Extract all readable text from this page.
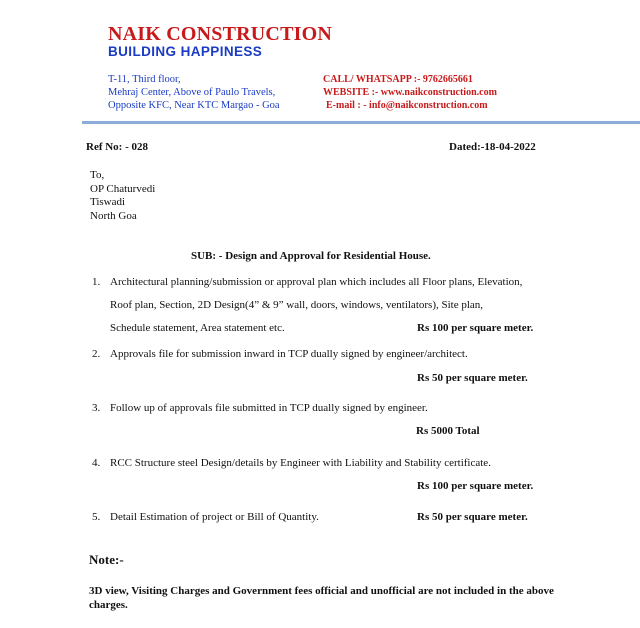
NAIK CONSTRUCTION
BUILDING HAPPINESS
T-11, Third floor,
Mehraj Center, Above of Paulo Travels,
Opposite KFC, Near KTC Margao - Goa
CALL/ WHATSAPP :- 9762665661
WEBSITE :- www.naikconstruction.com
E-mail : - info@naikconstruction.com
Ref No: - 028	Dated:-18-04-2022
To,
OP Chaturvedi
Tiswadi
North Goa
SUB: - Design and Approval for Residential House.
1. Architectural planning/submission or approval plan which includes all Floor plans, Elevation,
Roof plan, Section, 2D Design(4” & 9” wall, doors, windows, ventilators), Site plan,
Schedule statement, Area statement etc.	Rs 100 per square meter.
2. Approvals file for submission inward in TCP dually signed by engineer/architect.
Rs 50 per square meter.
3. Follow up of approvals file submitted in TCP dually signed by engineer.
Rs 5000 Total
4. RCC Structure steel Design/details by Engineer with Liability and Stability certificate.
Rs 100 per square meter.
5. Detail Estimation of project or Bill of Quantity.	Rs 50 per square meter.
Note:-
3D view, Visiting Charges and Government fees official and unofficial are not included in the above charges.
